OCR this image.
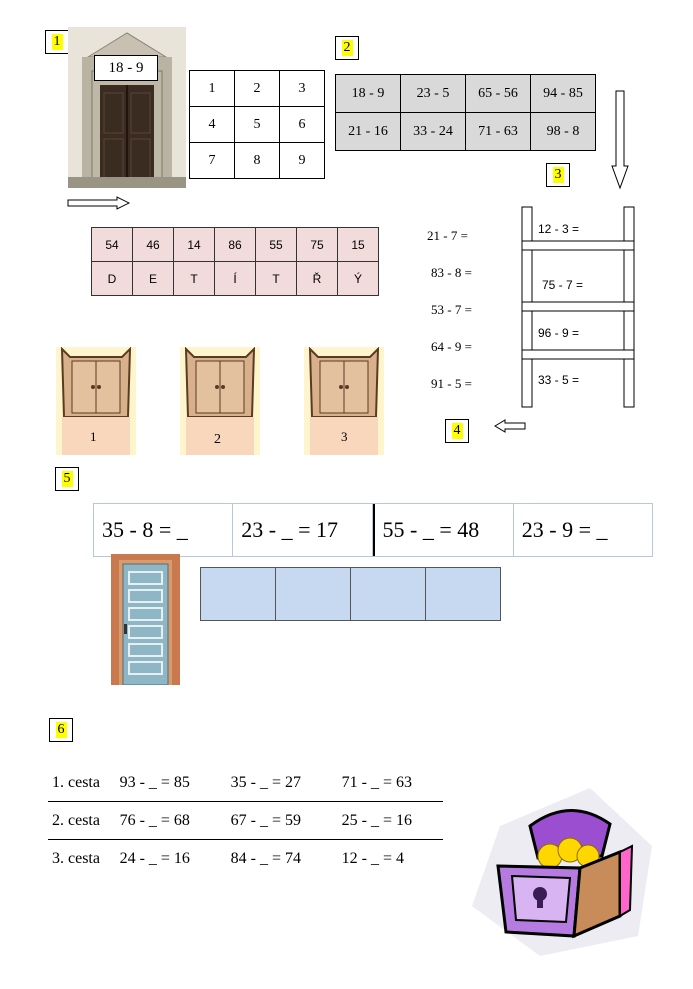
1	2
3
4
5
6
18 - 9
1	2	3
4	5	6
7	8	9
18 - 9	23 - 5	65 - 56	94 - 85
21 - 16	33 - 24	71 - 63	98 - 8
54	46	14	86	55	75	15
D	E	T	Í	T	Ř	Ý
21 - 7 =
83 - 8 =
53 - 7 =
64 - 9 =
91 - 5 =
12 - 3 =
75 - 7 =
96 - 9 =
33 - 5 =
1	2	3
35 - 8 = _	23 - _ = 17	55 - _ = 48	23 - 9 = _
1. cesta	93 - _ = 85	35 - _ = 27	71 - _ = 63
2. cesta	76 - _ = 68	67 - _ = 59	25 - _ = 16
3. cesta	24 - _ = 16	84 - _ = 74	12 - _ = 4
